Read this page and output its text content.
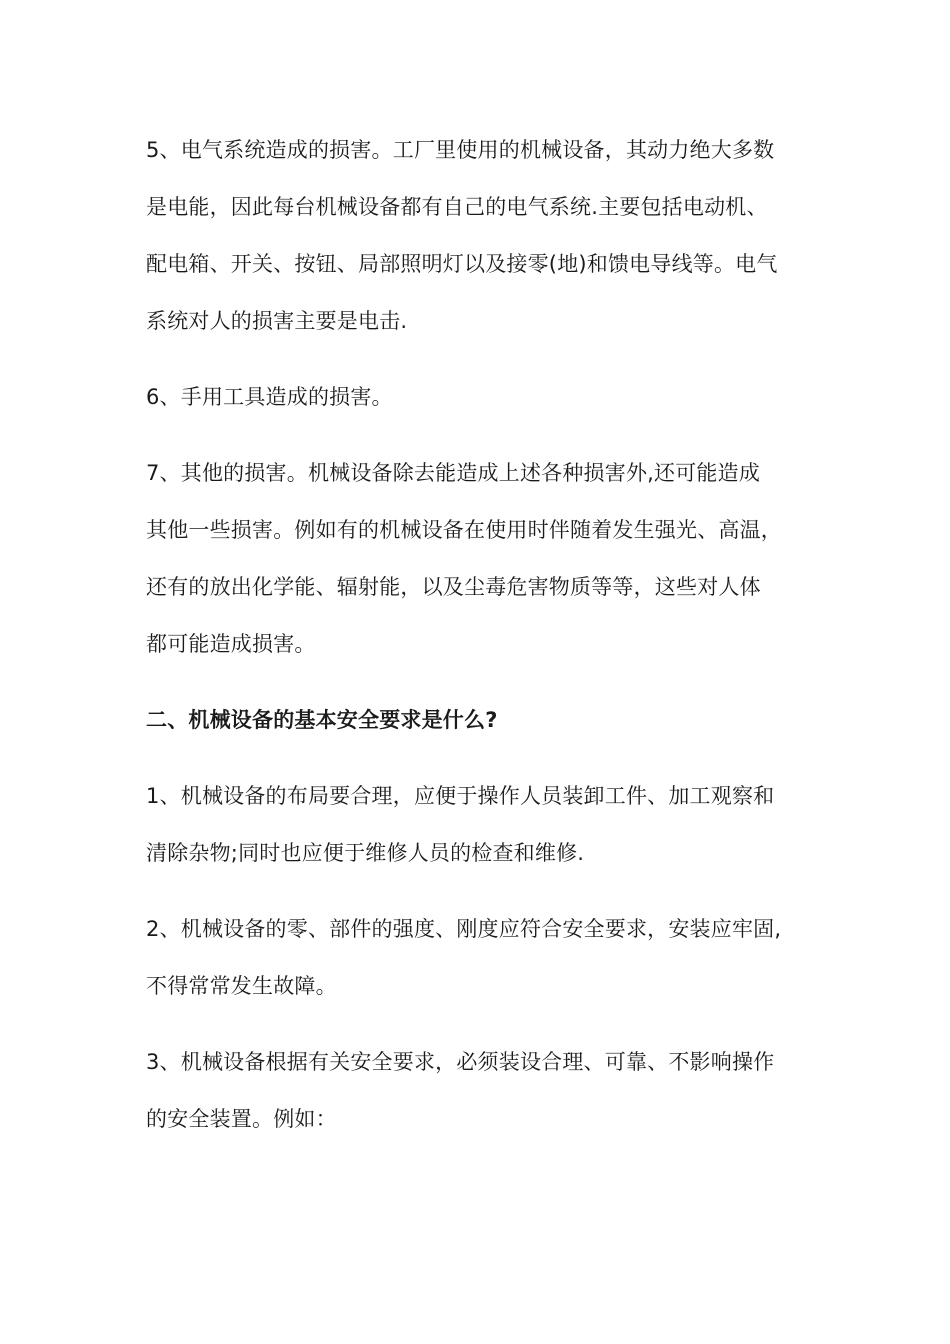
5、电气系统造成的损害。工厂里使用的机械设备，其动力绝大多数

是电能，因此每台机械设备都有自己的电气系统.主要包括电动机、

配电箱、开关、按钮、局部照明灯以及接零(地)和馈电导线等。电气

系统对人的损害主要是电击.

6、手用工具造成的损害。

7、其他的损害。机械设备除去能造成上述各种损害外,还可能造成

其他一些损害。例如有的机械设备在使用时伴随着发生强光、高温，

还有的放出化学能、辐射能，以及尘毒危害物质等等，这些对人体

都可能造成损害。

二、机械设备的基本安全要求是什么?

1、机械设备的布局要合理，应便于操作人员装卸工件、加工观察和

清除杂物;同时也应便于维修人员的检查和维修.

2、机械设备的零、部件的强度、刚度应符合安全要求，安装应牢固,

不得常常发生故障。

3、机械设备根据有关安全要求，必须装设合理、可靠、不影响操作

的安全装置。例如：
